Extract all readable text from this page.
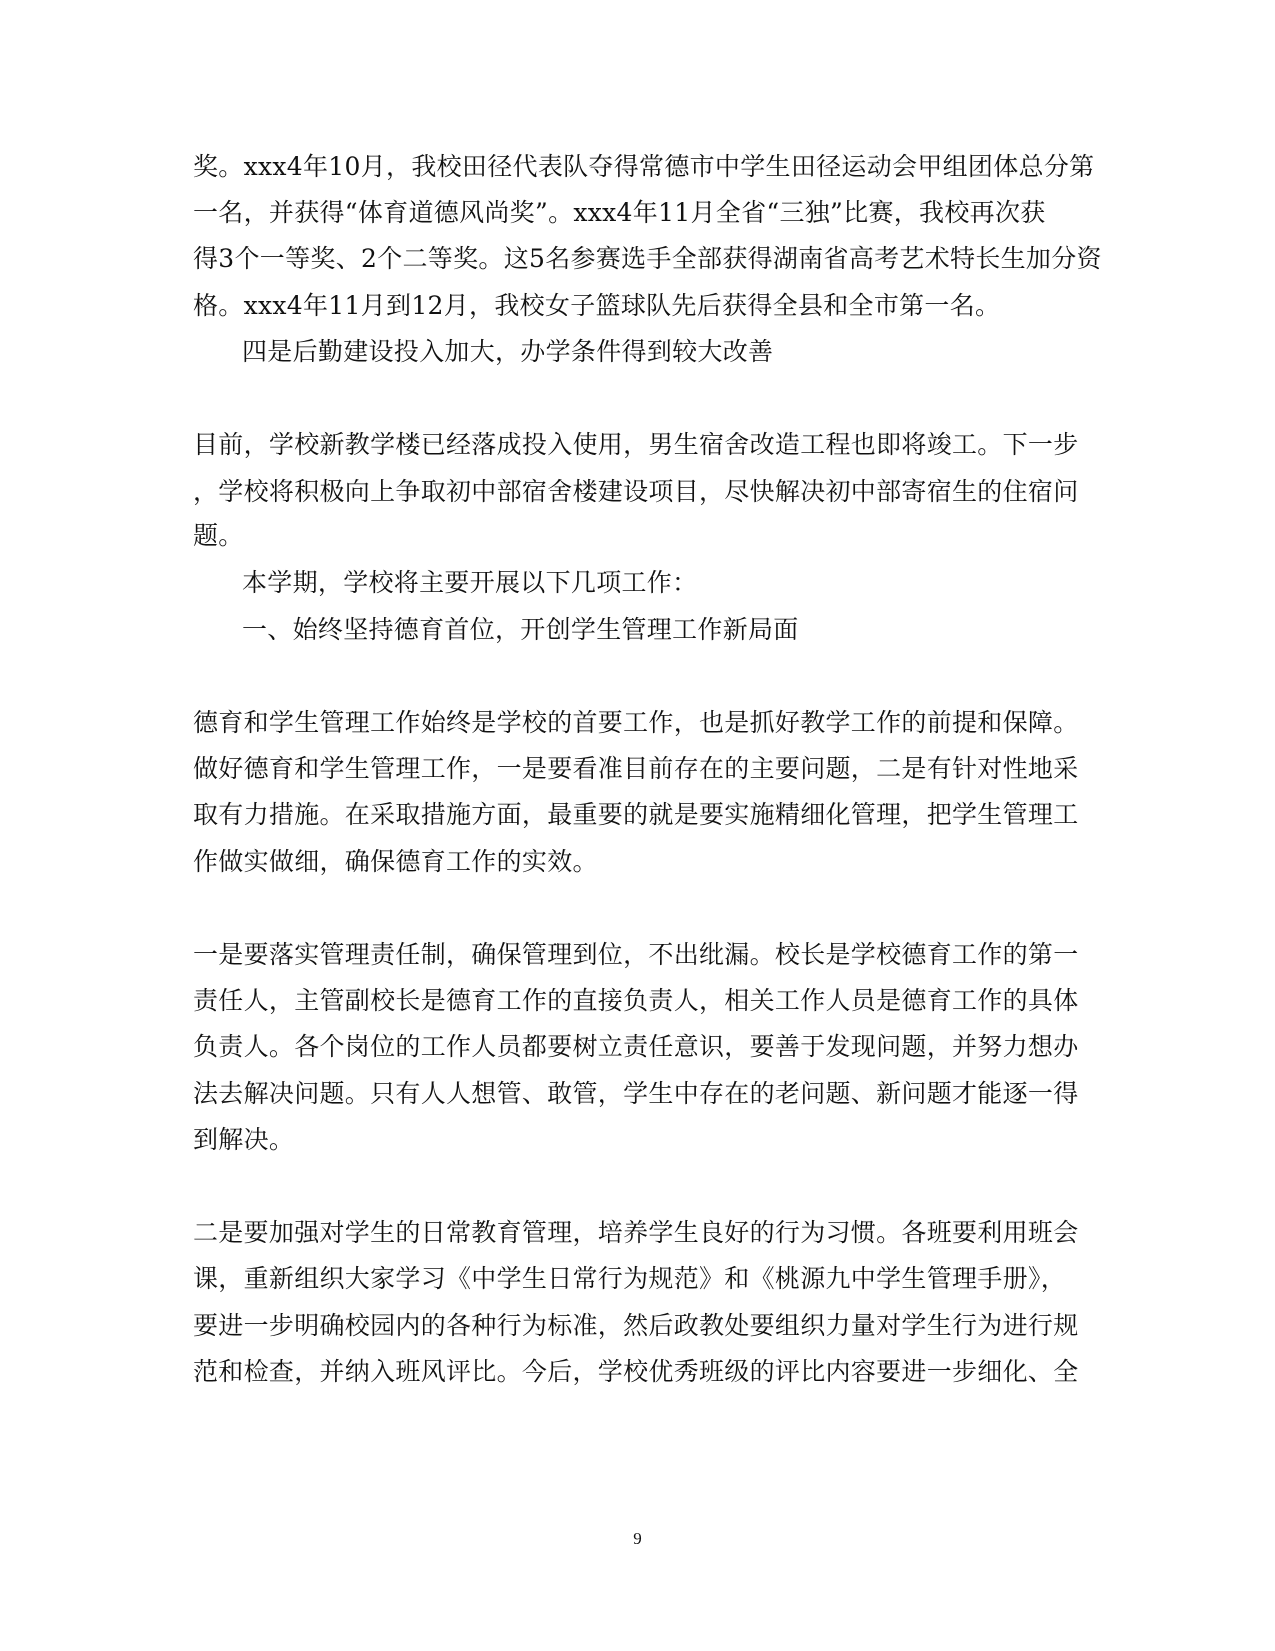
奖。xxx4年10月，我校田径代表队夺得常德市中学生田径运动会甲组团体总分第
一名，并获得“体育道德风尚奖”。xxx4年11月全省“三独”比赛，我校再次获
得3个一等奖、2个二等奖。这5名参赛选手全部获得湖南省高考艺术特长生加分资
格。xxx4年11月到12月，我校女子篮球队先后获得全县和全市第一名。
四是后勤建设投入加大，办学条件得到较大改善
目前，学校新教学楼已经落成投入使用，男生宿舍改造工程也即将竣工。下一步
，学校将积极向上争取初中部宿舍楼建设项目，尽快解决初中部寄宿生的住宿问
题。
本学期，学校将主要开展以下几项工作：
一、始终坚持德育首位，开创学生管理工作新局面
德育和学生管理工作始终是学校的首要工作，也是抓好教学工作的前提和保障。
做好德育和学生管理工作，一是要看准目前存在的主要问题，二是有针对性地采
取有力措施。在采取措施方面，最重要的就是要实施精细化管理，把学生管理工
作做实做细，确保德育工作的实效。
一是要落实管理责任制，确保管理到位，不出纰漏。校长是学校德育工作的第一
责任人，主管副校长是德育工作的直接负责人，相关工作人员是德育工作的具体
负责人。各个岗位的工作人员都要树立责任意识，要善于发现问题，并努力想办
法去解决问题。只有人人想管、敢管，学生中存在的老问题、新问题才能逐一得
到解决。
二是要加强对学生的日常教育管理，培养学生良好的行为习惯。各班要利用班会
课，重新组织大家学习《中学生日常行为规范》和《桃源九中学生管理手册》，
要进一步明确校园内的各种行为标准，然后政教处要组织力量对学生行为进行规
范和检查，并纳入班风评比。今后，学校优秀班级的评比内容要进一步细化、全
9
